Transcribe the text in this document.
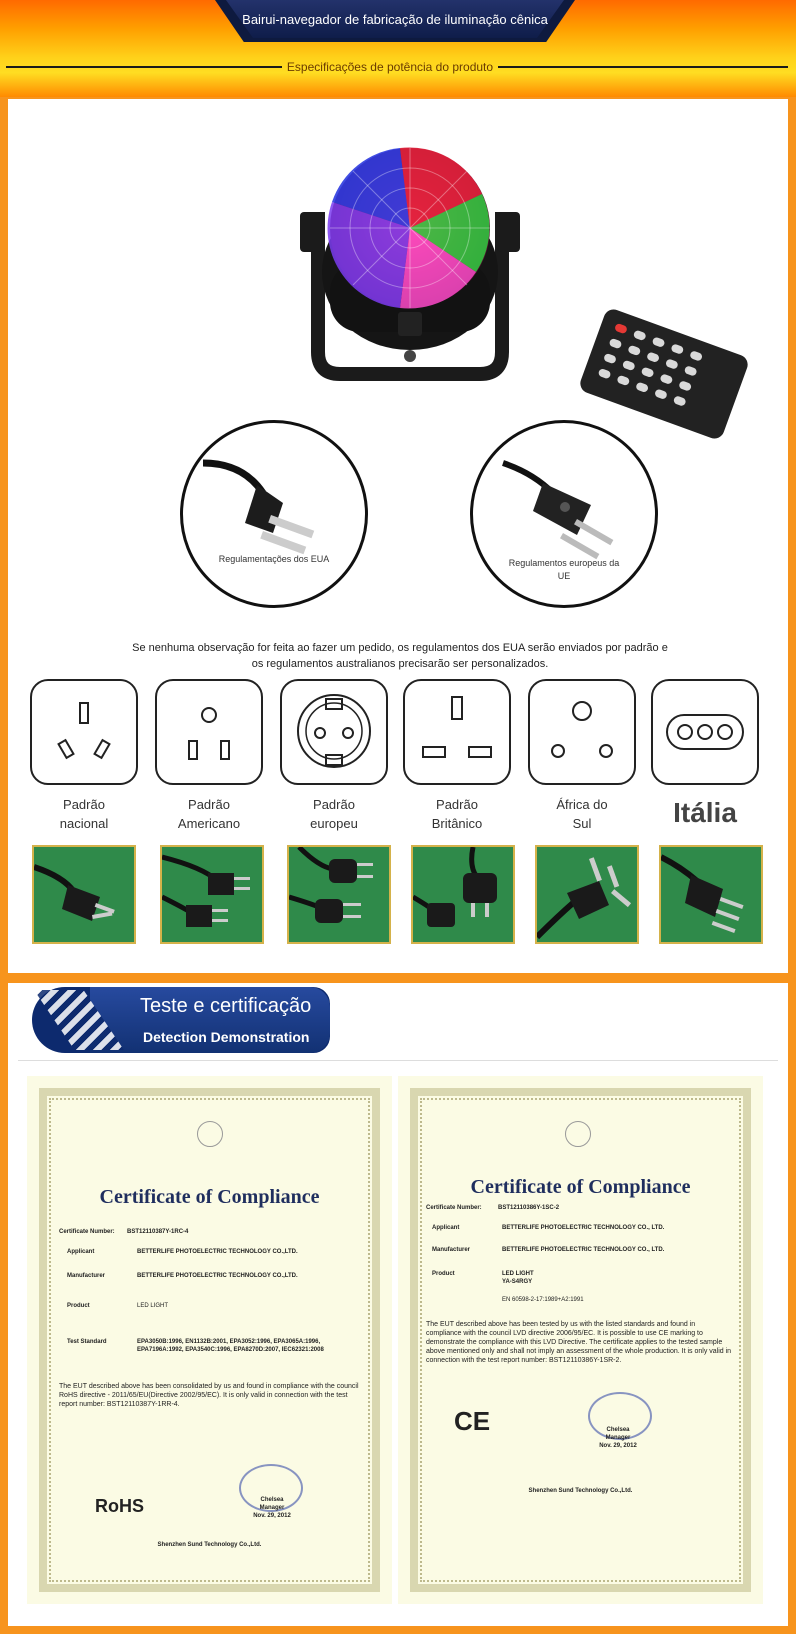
Bairui-navegador de fabricação de iluminação cênica
Especificações de potência do produto
Regulamentações dos EUA	Regulamentos europeus da UE
Se nenhuma observação for feita ao fazer um pedido, os regulamentos dos EUA serão enviados por padrão e os regulamentos australianos precisarão ser personalizados.
Padrão
nacional
Padrão
Americano
Padrão
europeu
Padrão
Britânico
África do
Sul	Itália
Teste e certificação
Detection Demonstration
Certificate of Compliance
Certificate Number: BST12110387Y-1RC-4
Applicant	BETTERLIFE PHOTOELECTRIC TECHNOLOGY CO.,LTD.
Manufacturer	BETTERLIFE PHOTOELECTRIC TECHNOLOGY CO.,LTD.
Product	LED LIGHT
Test Standard	EPA3050B:1996, EN1132B:2001, EPA3052:1996, EPA3065A:1996, EPA7196A:1992, EPA3540C:1996, EPA8270D:2007, IEC62321:2008
The EUT described above has been consolidated by us and found in compliance with the council RoHS directive - 2011/65/EU(Directive 2002/95/EC). It is only valid in connection with the test report number: BST12110387Y-1RR-4.
Chelsea
Manager
Nov. 29, 2012
RoHS
Shenzhen Sund Technology Co.,Ltd.
Certificate of Compliance
Certificate Number:	BST12110386Y-1SC-2
Applicant	BETTERLIFE PHOTOELECTRIC TECHNOLOGY CO., LTD.
Manufacturer	BETTERLIFE PHOTOELECTRIC TECHNOLOGY CO., LTD.
Product	LED LIGHT
YA-S4RGY
EN 60598-2-17:1989+A2:1991
The EUT described above has been tested by us with the listed standards and found in compliance with the council LVD directive 2006/95/EC. It is possible to use CE marking to demonstrate the compliance with this LVD Directive. The certificate applies to the tested sample above mentioned only and shall not imply an assessment of the whole production. It is only valid in connection with the test report number: BST12110386Y-1SR-2.
CE	Chelsea
Manager
Nov. 29, 2012
Shenzhen Sund Technology Co.,Ltd.
